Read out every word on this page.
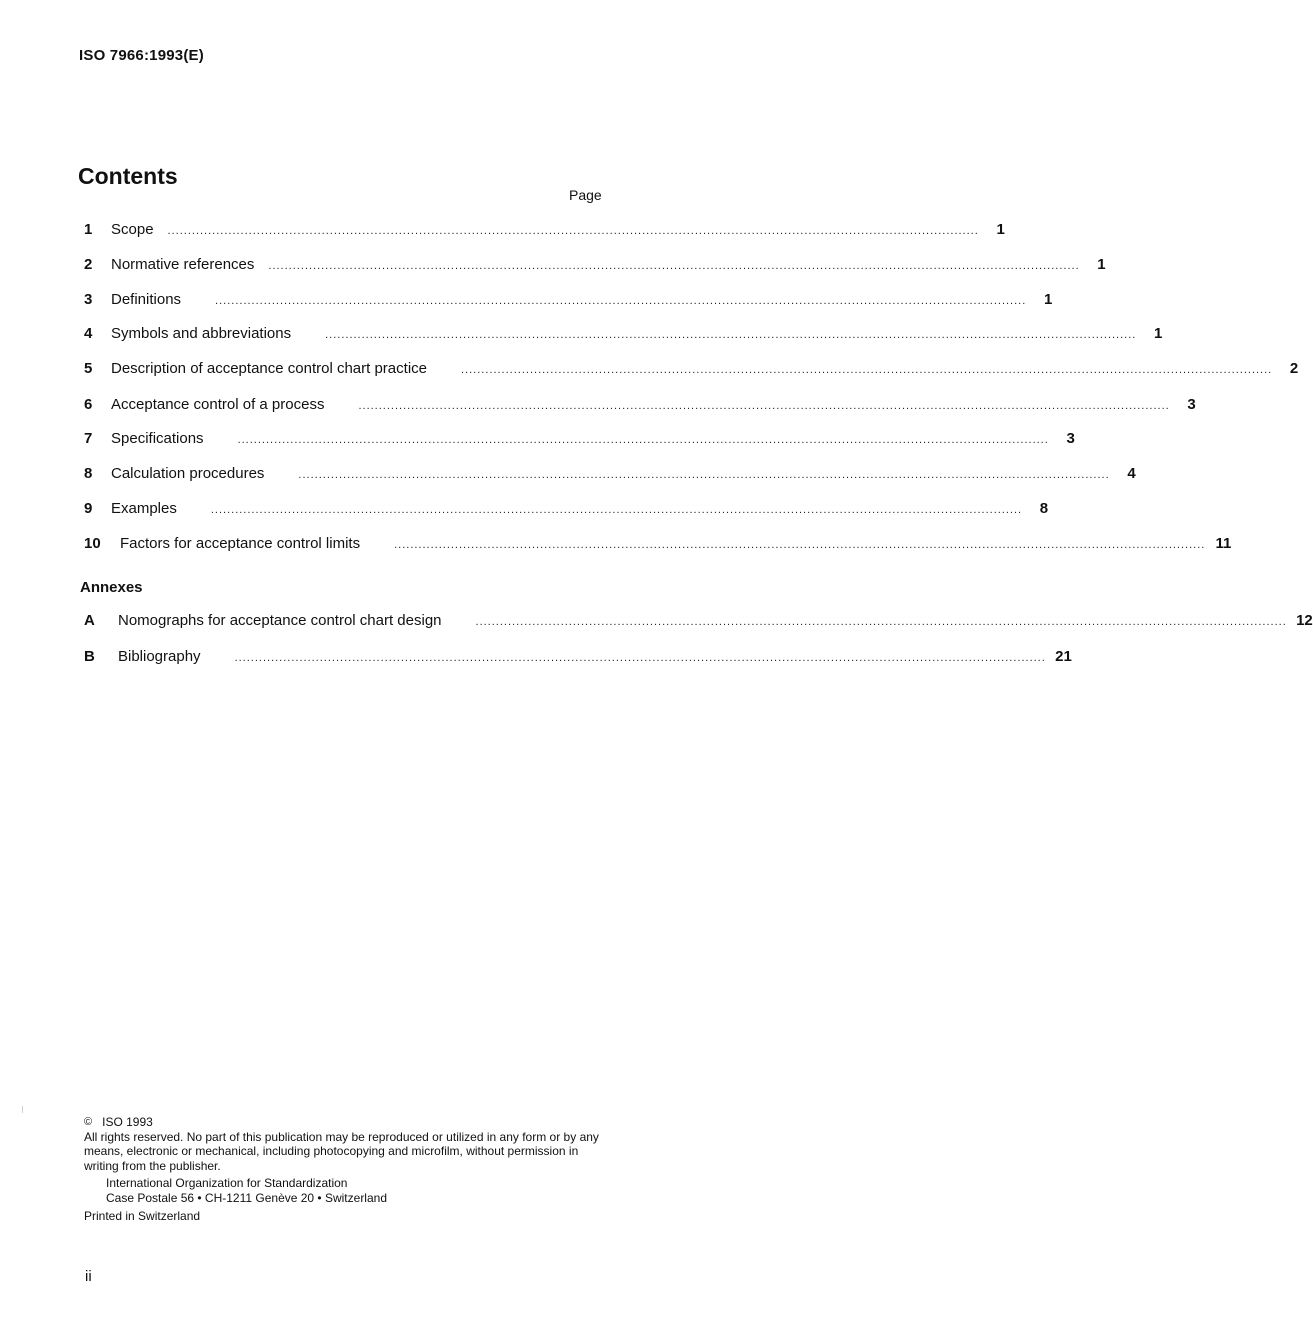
ISO 7966:1993(E)
Contents
Page
1	Scope ........................................................................................................................................................................................................	1
2	Normative references ........................................................................................................................................................................................................	1
3	Definitions	........................................................................................................................................................................................................	1
4	Symbols and abbreviations	........................................................................................................................................................................................................	1
5	Description of acceptance control chart practice	........................................................................................................................................................................................................	2
6	Acceptance control of a process	........................................................................................................................................................................................................	3
7	Specifications	........................................................................................................................................................................................................	3
8	Calculation procedures	........................................................................................................................................................................................................	4
9	Examples	........................................................................................................................................................................................................	8
10	Factors for acceptance control limits	........................................................................................................................................................................................................ 11
Annexes
A	Nomographs for acceptance control chart design	........................................................................................................................................................................................................ 12
B	Bibliography	........................................................................................................................................................................................................ 21

© ISO 1993

All rights reserved. No part of this publication may be reproduced or utilized in any form or by any means, electronic or mechanical, including photocopying and microfilm, without permission in writing from the publisher.

International Organization for Standardization

Case Postale 56 • CH-1211 Genève 20 • Switzerland

Printed in Switzerland

ii
